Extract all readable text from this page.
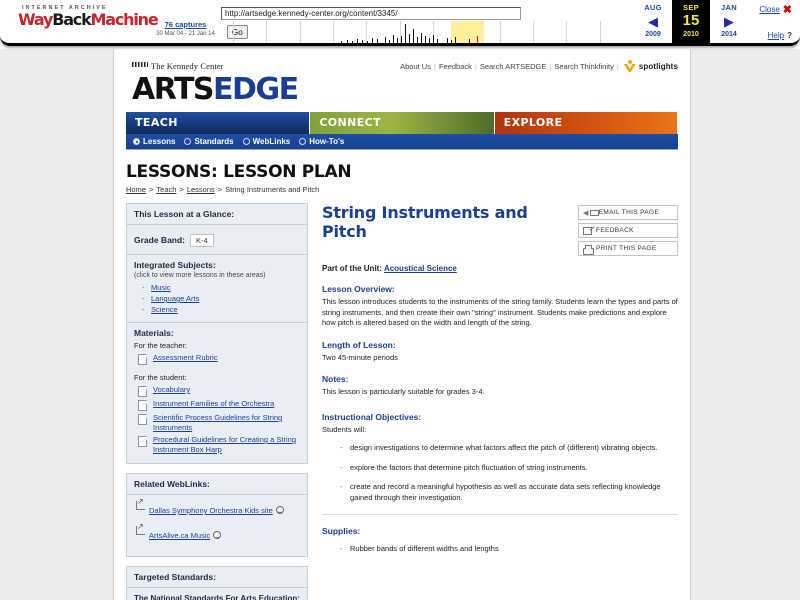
INTERNET ARCHIVE
WayBackMachine 76 captures
30 Mar 04 - 21 Jan 14
http://artsedge.kennedy-center.org/content/3345/	Go
AUG
◀
2009
SEP
15
2010
JAN
▶
2014
Close ✖
Help ?
The Kennedy Center
ARTSEDGE
About Us | Feedback | Search ARTSEDGE | Search Thinkfinity |	spotlights
TEACH	CONNECT	EXPLORE
Lessons Standards WebLinks How-To's
LESSONS: LESSON PLAN
Home > Teach > Lessons > String Instruments and Pitch
This Lesson at a Glance:
Grade Band: K-4
Integrated Subjects:
(click to view more lessons in these areas)
- Music
- Language Arts
- Science
Materials:
For the teacher:
Assessment Rubric
For the student:
Vocabulary
Instrument Families of the Orchestra
Scientific Process Guidelines for String Instruments
Procedural Guidelines for Creating a String Instrument Box Harp
Related WebLinks:
↗
Dallas Symphony Orchestra Kids site
↗
ArtsAlive.ca Music
Targeted Standards:
The National Standards For Arts Education:
String Instruments and Pitch
◀ EMAIL THIS PAGE
FEEDBACK
PRINT THIS PAGE
Part of the Unit: Acoustical Science
Lesson Overview:
This lesson introduces students to the instruments of the string family. Students learn the types and parts of string instruments, and then create their own "string" instrument. Students make predictions and explore how pitch is altered based on the width and length of the string.
Length of Lesson:
Two 45-minute periods
Notes:
This lesson is particularly suitable for grades 3-4.
Instructional Objectives:
Students will:
- design investigations to determine what factors affect the pitch of (different) vibrating objects.
- explore the factors that determine pitch fluctuation of string instruments.
- create and record a meaningful hypothesis as well as accurate data sets reflecting knowledge gained through their investigation.
Supplies:
- Rubber bands of different widths and lengths
